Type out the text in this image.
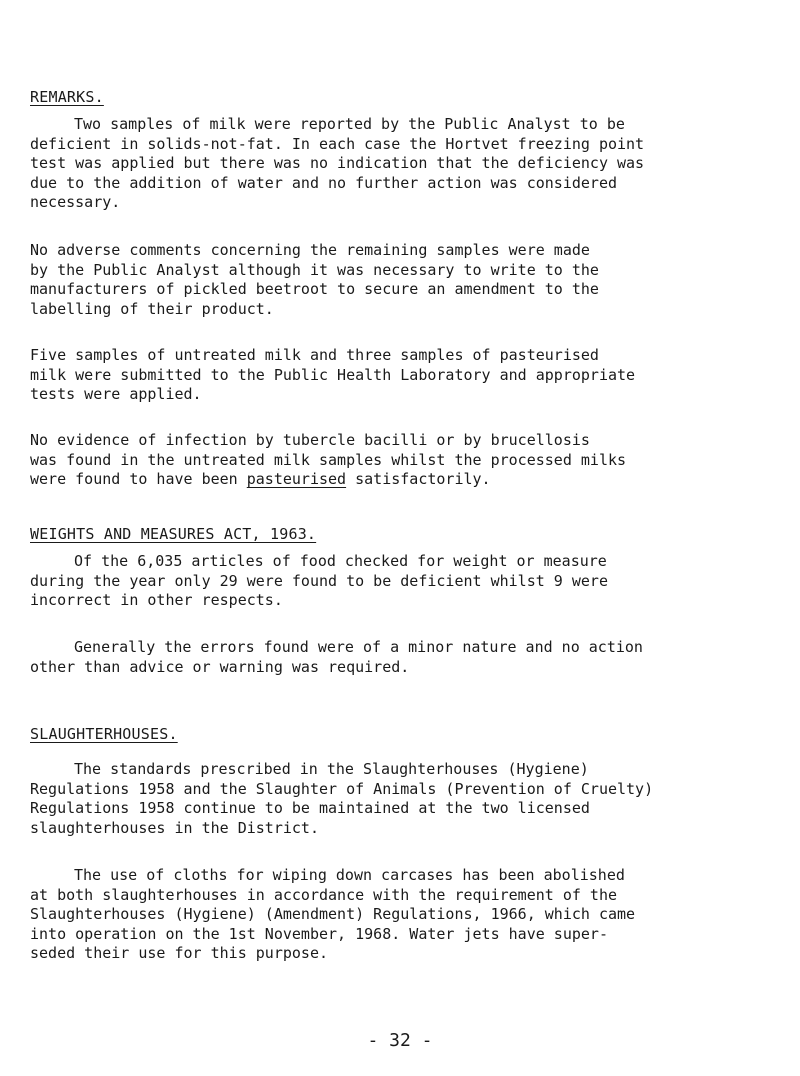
REMARKS.

Two samples of milk were reported by the Public Analyst to be
deficient in solids-not-fat. In each case the Hortvet freezing point
test was applied but there was no indication that the deficiency was
due to the addition of water and no further action was considered
necessary.

No adverse comments concerning the remaining samples were made
by the Public Analyst although it was necessary to write to the
manufacturers of pickled beetroot to secure an amendment to the
labelling of their product.

Five samples of untreated milk and three samples of pasteurised
milk were submitted to the Public Health Laboratory and appropriate
tests were applied.

No evidence of infection by tubercle bacilli or by brucellosis
was found in the untreated milk samples whilst the processed milks
were found to have been pasteurised satisfactorily.

WEIGHTS AND MEASURES ACT, 1963.

Of the 6,035 articles of food checked for weight or measure
during the year only 29 were found to be deficient whilst 9 were
incorrect in other respects.

Generally the errors found were of a minor nature and no action
other than advice or warning was required.

SLAUGHTERHOUSES.

The standards prescribed in the Slaughterhouses (Hygiene)
Regulations 1958 and the Slaughter of Animals (Prevention of Cruelty)
Regulations 1958 continue to be maintained at the two licensed
slaughterhouses in the District.

The use of cloths for wiping down carcases has been abolished
at both slaughterhouses in accordance with the requirement of the
Slaughterhouses (Hygiene) (Amendment) Regulations, 1966, which came
into operation on the 1st November, 1968. Water jets have super-
seded their use for this purpose.

- 32 -
